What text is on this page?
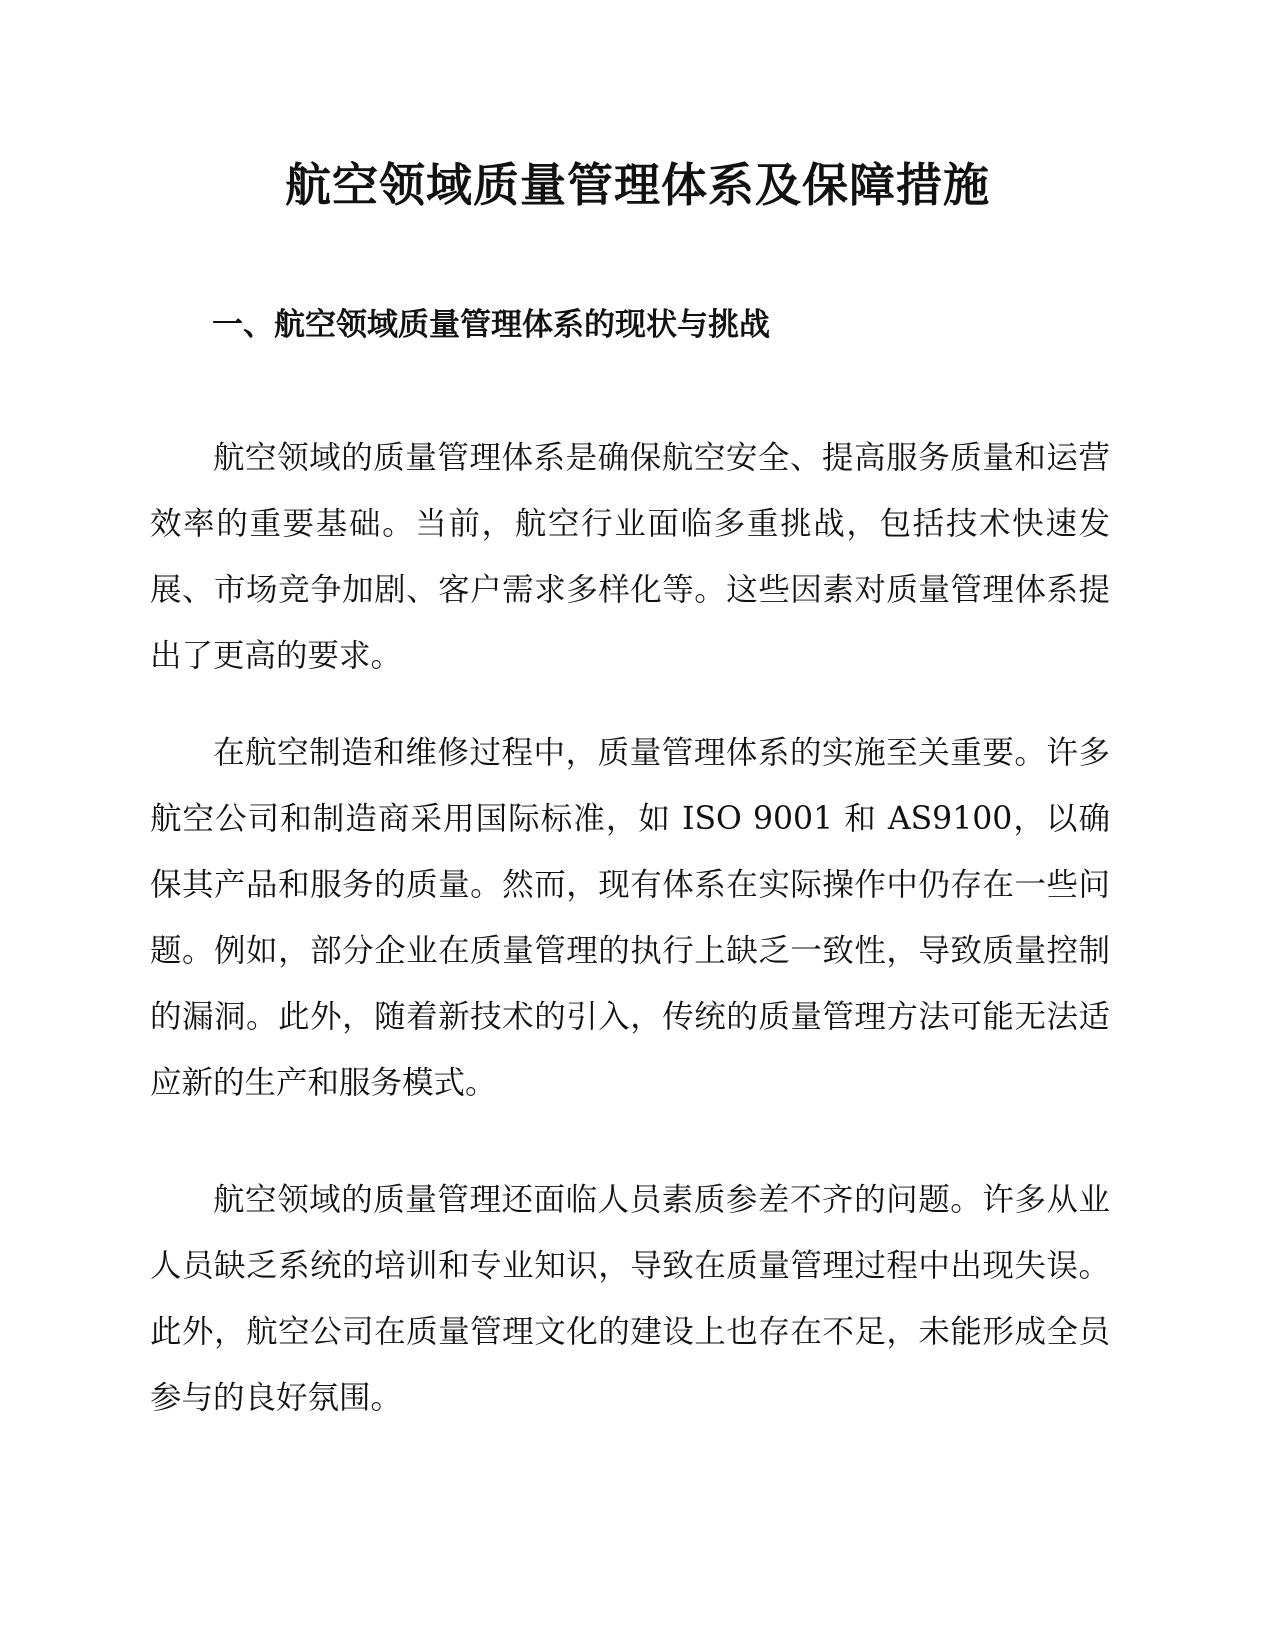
航空领域质量管理体系及保障措施
一、航空领域质量管理体系的现状与挑战

航空领域的质量管理体系是确保航空安全、提高服务质量和运营效率的重要基础。当前，航空行业面临多重挑战，包括技术快速发展、市场竞争加剧、客户需求多样化等。这些因素对质量管理体系提出了更高的要求。

在航空制造和维修过程中，质量管理体系的实施至关重要。许多航空公司和制造商采用国际标准，如 ISO 9001 和 AS9100，以确保其产品和服务的质量。然而，现有体系在实际操作中仍存在一些问题。例如，部分企业在质量管理的执行上缺乏一致性，导致质量控制的漏洞。此外，随着新技术的引入，传统的质量管理方法可能无法适应新的生产和服务模式。

航空领域的质量管理还面临人员素质参差不齐的问题。许多从业人员缺乏系统的培训和专业知识，导致在质量管理过程中出现失误。此外，航空公司在质量管理文化的建设上也存在不足，未能形成全员参与的良好氛围。
